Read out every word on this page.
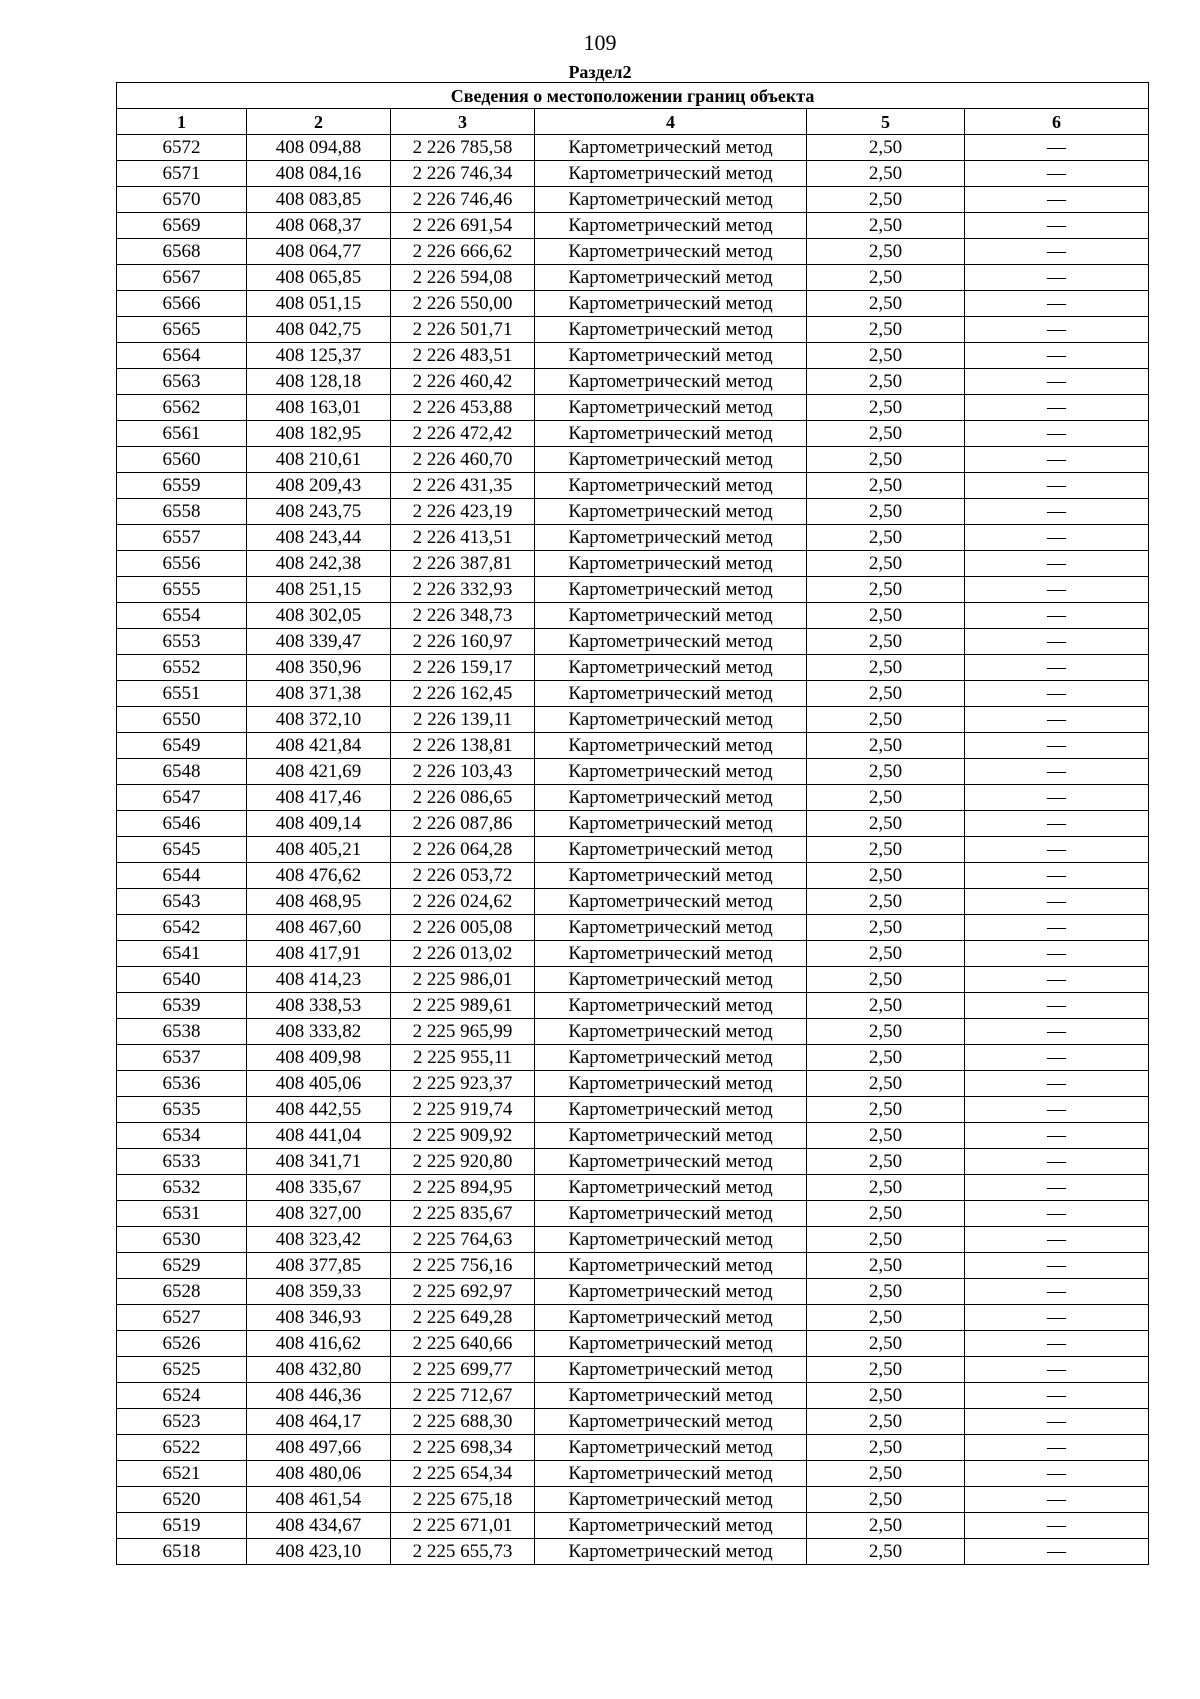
109
Раздел2
Сведения о местоположении границ объекта					
1	2	3	4	5	6
6572	408 094,88	2 226 785,58	Картометрический метод	2,50	—
6571	408 084,16	2 226 746,34	Картометрический метод	2,50	—
6570	408 083,85	2 226 746,46	Картометрический метод	2,50	—
6569	408 068,37	2 226 691,54	Картометрический метод	2,50	—
6568	408 064,77	2 226 666,62	Картометрический метод	2,50	—
6567	408 065,85	2 226 594,08	Картометрический метод	2,50	—
6566	408 051,15	2 226 550,00	Картометрический метод	2,50	—
6565	408 042,75	2 226 501,71	Картометрический метод	2,50	—
6564	408 125,37	2 226 483,51	Картометрический метод	2,50	—
6563	408 128,18	2 226 460,42	Картометрический метод	2,50	—
6562	408 163,01	2 226 453,88	Картометрический метод	2,50	—
6561	408 182,95	2 226 472,42	Картометрический метод	2,50	—
6560	408 210,61	2 226 460,70	Картометрический метод	2,50	—
6559	408 209,43	2 226 431,35	Картометрический метод	2,50	—
6558	408 243,75	2 226 423,19	Картометрический метод	2,50	—
6557	408 243,44	2 226 413,51	Картометрический метод	2,50	—
6556	408 242,38	2 226 387,81	Картометрический метод	2,50	—
6555	408 251,15	2 226 332,93	Картометрический метод	2,50	—
6554	408 302,05	2 226 348,73	Картометрический метод	2,50	—
6553	408 339,47	2 226 160,97	Картометрический метод	2,50	—
6552	408 350,96	2 226 159,17	Картометрический метод	2,50	—
6551	408 371,38	2 226 162,45	Картометрический метод	2,50	—
6550	408 372,10	2 226 139,11	Картометрический метод	2,50	—
6549	408 421,84	2 226 138,81	Картометрический метод	2,50	—
6548	408 421,69	2 226 103,43	Картометрический метод	2,50	—
6547	408 417,46	2 226 086,65	Картометрический метод	2,50	—
6546	408 409,14	2 226 087,86	Картометрический метод	2,50	—
6545	408 405,21	2 226 064,28	Картометрический метод	2,50	—
6544	408 476,62	2 226 053,72	Картометрический метод	2,50	—
6543	408 468,95	2 226 024,62	Картометрический метод	2,50	—
6542	408 467,60	2 226 005,08	Картометрический метод	2,50	—
6541	408 417,91	2 226 013,02	Картометрический метод	2,50	—
6540	408 414,23	2 225 986,01	Картометрический метод	2,50	—
6539	408 338,53	2 225 989,61	Картометрический метод	2,50	—
6538	408 333,82	2 225 965,99	Картометрический метод	2,50	—
6537	408 409,98	2 225 955,11	Картометрический метод	2,50	—
6536	408 405,06	2 225 923,37	Картометрический метод	2,50	—
6535	408 442,55	2 225 919,74	Картометрический метод	2,50	—
6534	408 441,04	2 225 909,92	Картометрический метод	2,50	—
6533	408 341,71	2 225 920,80	Картометрический метод	2,50	—
6532	408 335,67	2 225 894,95	Картометрический метод	2,50	—
6531	408 327,00	2 225 835,67	Картометрический метод	2,50	—
6530	408 323,42	2 225 764,63	Картометрический метод	2,50	—
6529	408 377,85	2 225 756,16	Картометрический метод	2,50	—
6528	408 359,33	2 225 692,97	Картометрический метод	2,50	—
6527	408 346,93	2 225 649,28	Картометрический метод	2,50	—
6526	408 416,62	2 225 640,66	Картометрический метод	2,50	—
6525	408 432,80	2 225 699,77	Картометрический метод	2,50	—
6524	408 446,36	2 225 712,67	Картометрический метод	2,50	—
6523	408 464,17	2 225 688,30	Картометрический метод	2,50	—
6522	408 497,66	2 225 698,34	Картометрический метод	2,50	—
6521	408 480,06	2 225 654,34	Картометрический метод	2,50	—
6520	408 461,54	2 225 675,18	Картометрический метод	2,50	—
6519	408 434,67	2 225 671,01	Картометрический метод	2,50	—
6518	408 423,10	2 225 655,73	Картометрический метод	2,50	—
